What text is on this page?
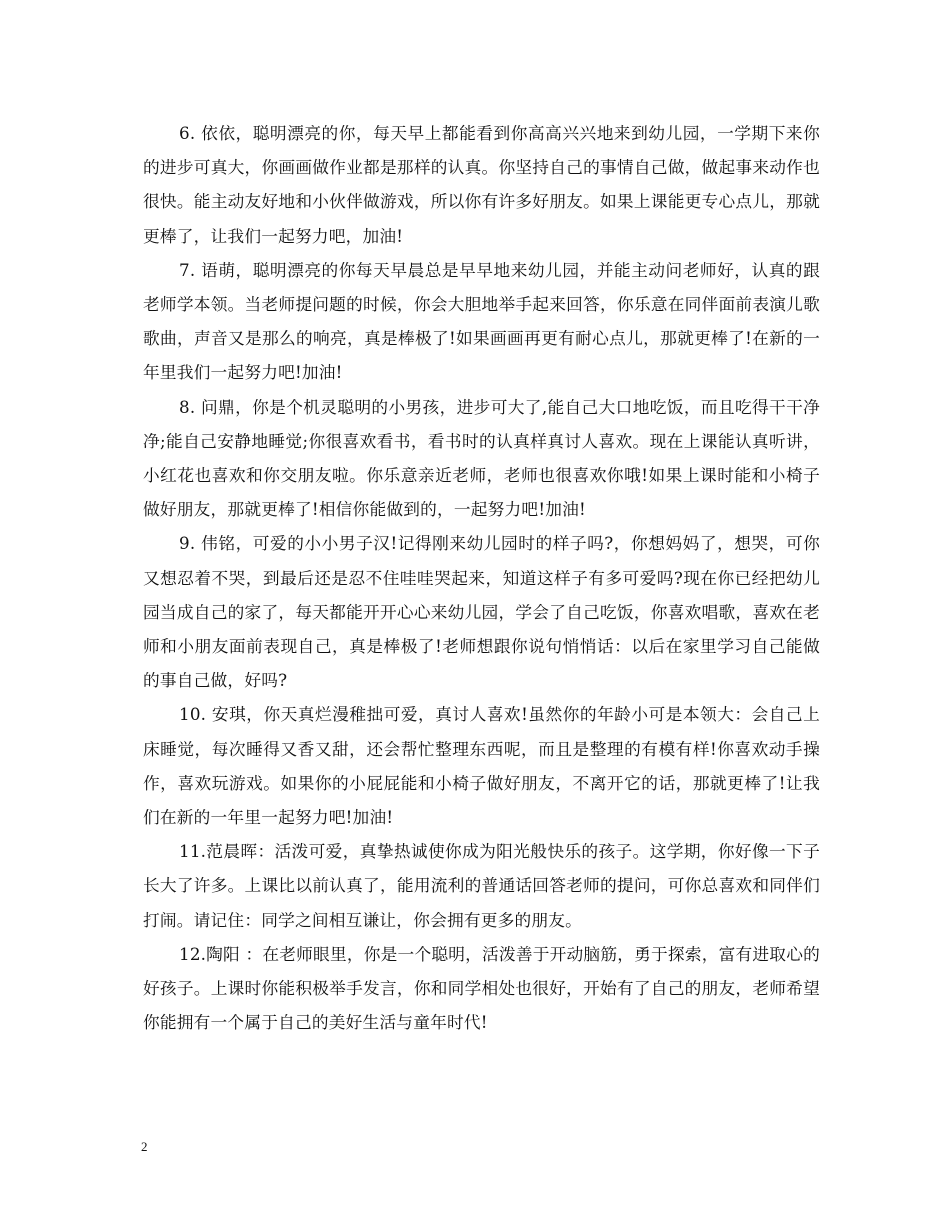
6. 依依，聪明漂亮的你，每天早上都能看到你高高兴兴地来到幼儿园，一学期下来你的进步可真大，你画画做作业都是那样的认真。你坚持自己的事情自己做，做起事来动作也很快。能主动友好地和小伙伴做游戏，所以你有许多好朋友。如果上课能更专心点儿，那就更棒了，让我们一起努力吧，加油!

7. 语萌，聪明漂亮的你每天早晨总是早早地来幼儿园，并能主动问老师好，认真的跟老师学本领。当老师提问题的时候，你会大胆地举手起来回答，你乐意在同伴面前表演儿歌歌曲，声音又是那么的响亮，真是棒极了!如果画画再更有耐心点儿，那就更棒了!在新的一年里我们一起努力吧!加油!

8. 问鼎，你是个机灵聪明的小男孩，进步可大了,能自己大口地吃饭，而且吃得干干净净;能自己安静地睡觉;你很喜欢看书，看书时的认真样真讨人喜欢。现在上课能认真听讲，小红花也喜欢和你交朋友啦。你乐意亲近老师，老师也很喜欢你哦!如果上课时能和小椅子做好朋友，那就更棒了!相信你能做到的，一起努力吧!加油!

9. 伟铭，可爱的小小男子汉!记得刚来幼儿园时的样子吗?，你想妈妈了，想哭，可你又想忍着不哭，到最后还是忍不住哇哇哭起来，知道这样子有多可爱吗?现在你已经把幼儿园当成自己的家了，每天都能开开心心来幼儿园，学会了自己吃饭，你喜欢唱歌，喜欢在老师和小朋友面前表现自己，真是棒极了!老师想跟你说句悄悄话：以后在家里学习自己能做的事自己做，好吗?

10. 安琪，你天真烂漫稚拙可爱，真讨人喜欢!虽然你的年龄小可是本领大：会自己上床睡觉，每次睡得又香又甜，还会帮忙整理东西呢，而且是整理的有模有样!你喜欢动手操作，喜欢玩游戏。如果你的小屁屁能和小椅子做好朋友，不离开它的话，那就更棒了!让我们在新的一年里一起努力吧!加油!

11.范晨晖：活泼可爱，真挚热诚使你成为阳光般快乐的孩子。这学期，你好像一下子长大了许多。上课比以前认真了，能用流利的普通话回答老师的提问，可你总喜欢和同伴们打闹。请记住：同学之间相互谦让，你会拥有更多的朋友。

12.陶阳 ：在老师眼里，你是一个聪明，活泼善于开动脑筋，勇于探索，富有进取心的好孩子。上课时你能积极举手发言，你和同学相处也很好，开始有了自己的朋友，老师希望你能拥有一个属于自己的美好生活与童年时代!

2
